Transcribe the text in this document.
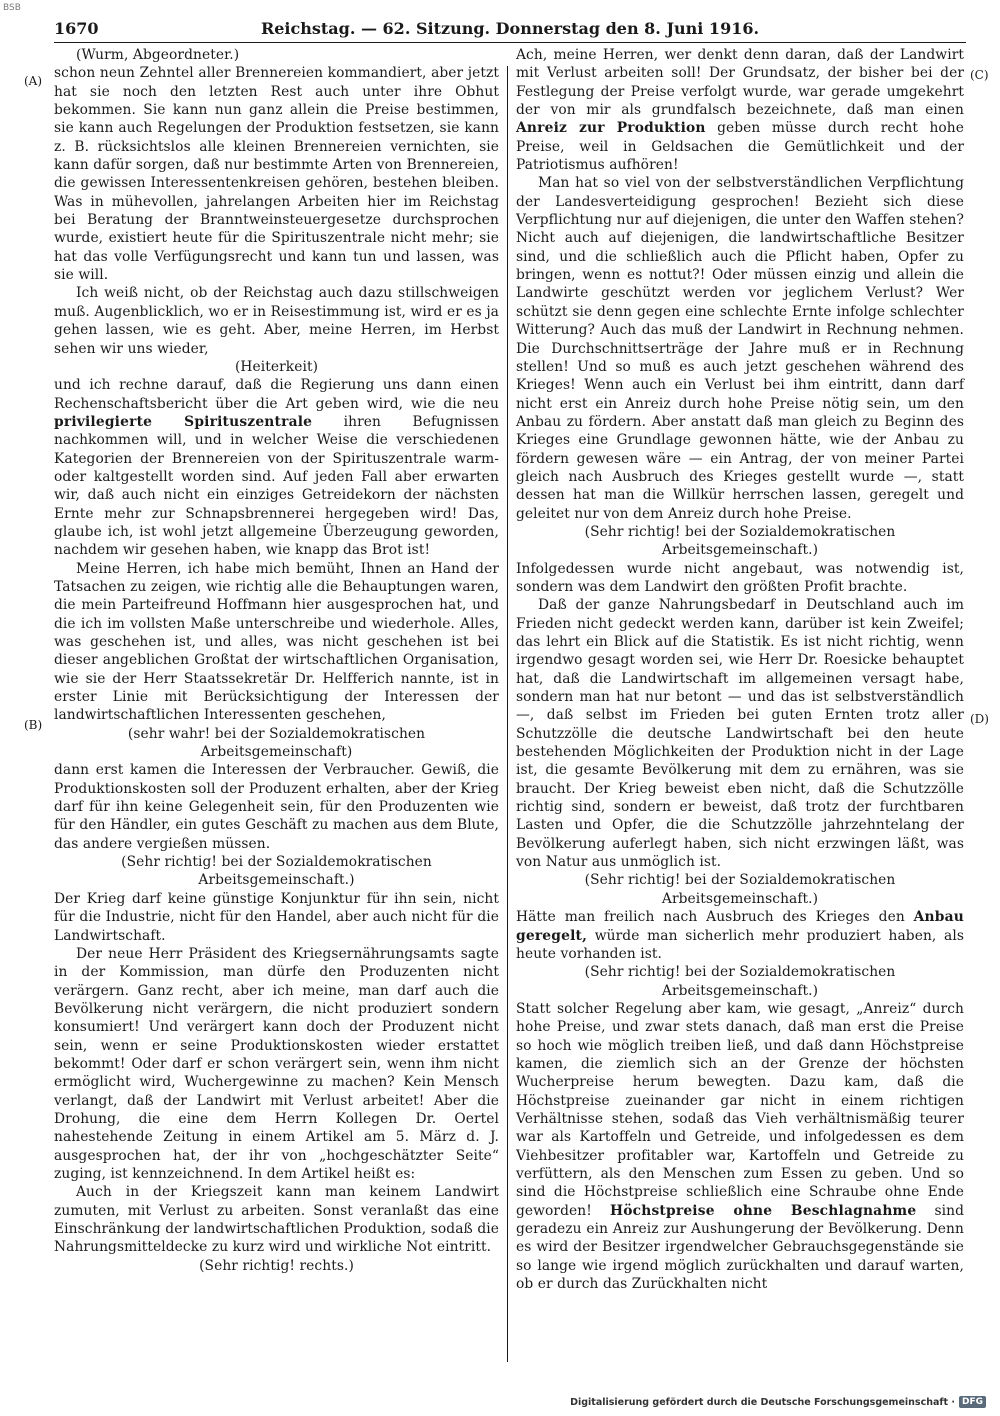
BSB
1670	Reichstag. — 62. Sitzung. Donnerstag den 8. Juni 1916.
(A)
(B)
(C)
(D)

(Wurm, Abgeordneter.)

schon neun Zehntel aller Brennereien kommandiert, aber jetzt hat sie noch den letzten Rest auch unter ihre Obhut bekommen. Sie kann nun ganz allein die Preise bestimmen, sie kann auch Regelungen der Produktion festsetzen, sie kann z. B. rücksichtslos alle kleinen Brennereien vernichten, sie kann dafür sorgen, daß nur bestimmte Arten von Brennereien, die gewissen Interessentenkreisen gehören, bestehen bleiben. Was in mühevollen, jahrelangen Arbeiten hier im Reichstag bei Beratung der Branntweinsteuergesetze durchsprochen wurde, existiert heute für die Spirituszentrale nicht mehr; sie hat das volle Verfügungsrecht und kann tun und lassen, was sie will.

Ich weiß nicht, ob der Reichstag auch dazu stillschweigen muß. Augenblicklich, wo er in Reisestimmung ist, wird er es ja gehen lassen, wie es geht. Aber, meine Herren, im Herbst sehen wir uns wieder,

(Heiterkeit)

und ich rechne darauf, daß die Regierung uns dann einen Rechenschaftsbericht über die Art geben wird, wie die neu privilegierte Spirituszentrale ihren Befugnissen nachkommen will, und in welcher Weise die verschiedenen Kategorien der Brennereien von der Spirituszentrale warm- oder kaltgestellt worden sind. Auf jeden Fall aber erwarten wir, daß auch nicht ein einziges Getreidekorn der nächsten Ernte mehr zur Schnapsbrennerei hergegeben wird! Das, glaube ich, ist wohl jetzt allgemeine Überzeugung geworden, nachdem wir gesehen haben, wie knapp das Brot ist!

Meine Herren, ich habe mich bemüht, Ihnen an Hand der Tatsachen zu zeigen, wie richtig alle die Behauptungen waren, die mein Parteifreund Hoffmann hier ausgesprochen hat, und die ich im vollsten Maße unterschreibe und wiederhole. Alles, was geschehen ist, und alles, was nicht geschehen ist bei dieser angeblichen Großtat der wirtschaftlichen Organisation, wie sie der Herr Staatssekretär Dr. Helfferich nannte, ist in erster Linie mit Berücksichtigung der Interessen der landwirtschaftlichen Interessenten geschehen,

(sehr wahr! bei der Sozialdemokratischen Arbeitsgemeinschaft)

dann erst kamen die Interessen der Verbraucher. Gewiß, die Produktionskosten soll der Produzent erhalten, aber der Krieg darf für ihn keine Gelegenheit sein, für den Produzenten wie für den Händler, ein gutes Geschäft zu machen aus dem Blute, das andere vergießen müssen.

(Sehr richtig! bei der Sozialdemokratischen Arbeitsgemeinschaft.)

Der Krieg darf keine günstige Konjunktur für ihn sein, nicht für die Industrie, nicht für den Handel, aber auch nicht für die Landwirtschaft.

Der neue Herr Präsident des Kriegsernährungsamts sagte in der Kommission, man dürfe den Produzenten nicht verärgern. Ganz recht, aber ich meine, man darf auch die Bevölkerung nicht verärgern, die nicht produziert sondern konsumiert! Und verärgert kann doch der Produzent nicht sein, wenn er seine Produktionskosten wieder erstattet bekommt! Oder darf er schon verärgert sein, wenn ihm nicht ermöglicht wird, Wuchergewinne zu machen? Kein Mensch verlangt, daß der Landwirt mit Verlust arbeitet! Aber die Drohung, die eine dem Herrn Kollegen Dr. Oertel nahestehende Zeitung in einem Artikel am 5. März d. J. ausgesprochen hat, der ihr von „hochgeschätzter Seite“ zuging, ist kennzeichnend. In dem Artikel heißt es:

Auch in der Kriegszeit kann man keinem Landwirt zumuten, mit Verlust zu arbeiten. Sonst veranlaßt das eine Einschränkung der landwirtschaftlichen Produktion, sodaß die Nahrungsmitteldecke zu kurz wird und wirkliche Not eintritt.

(Sehr richtig! rechts.)

Ach, meine Herren, wer denkt denn daran, daß der Landwirt mit Verlust arbeiten soll! Der Grundsatz, der bisher bei der Festlegung der Preise verfolgt wurde, war gerade umgekehrt der von mir als grundfalsch bezeichnete, daß man einen Anreiz zur Produktion geben müsse durch recht hohe Preise, weil in Geldsachen die Gemütlichkeit und der Patriotismus aufhören!

Man hat so viel von der selbstverständlichen Verpflichtung der Landesverteidigung gesprochen! Bezieht sich diese Verpflichtung nur auf diejenigen, die unter den Waffen stehen? Nicht auch auf diejenigen, die landwirtschaftliche Besitzer sind, und die schließlich auch die Pflicht haben, Opfer zu bringen, wenn es nottut?! Oder müssen einzig und allein die Landwirte geschützt werden vor jeglichem Verlust? Wer schützt sie denn gegen eine schlechte Ernte infolge schlechter Witterung? Auch das muß der Landwirt in Rechnung nehmen. Die Durchschnittserträge der Jahre muß er in Rechnung stellen! Und so muß es auch jetzt geschehen während des Krieges! Wenn auch ein Verlust bei ihm eintritt, dann darf nicht erst ein Anreiz durch hohe Preise nötig sein, um den Anbau zu fördern. Aber anstatt daß man gleich zu Beginn des Krieges eine Grundlage gewonnen hätte, wie der Anbau zu fördern gewesen wäre — ein Antrag, der von meiner Partei gleich nach Ausbruch des Krieges gestellt wurde —, statt dessen hat man die Willkür herrschen lassen, geregelt und geleitet nur von dem Anreiz durch hohe Preise.

(Sehr richtig! bei der Sozialdemokratischen Arbeitsgemeinschaft.)

Infolgedessen wurde nicht angebaut, was notwendig ist, sondern was dem Landwirt den größten Profit brachte.

Daß der ganze Nahrungsbedarf in Deutschland auch im Frieden nicht gedeckt werden kann, darüber ist kein Zweifel; das lehrt ein Blick auf die Statistik. Es ist nicht richtig, wenn irgendwo gesagt worden sei, wie Herr Dr. Roesicke behauptet hat, daß die Landwirtschaft im allgemeinen versagt habe, sondern man hat nur betont — und das ist selbstverständlich —, daß selbst im Frieden bei guten Ernten trotz aller Schutzzölle die deutsche Landwirtschaft bei den heute bestehenden Möglichkeiten der Produktion nicht in der Lage ist, die gesamte Bevölkerung mit dem zu ernähren, was sie braucht. Der Krieg beweist eben nicht, daß die Schutzzölle richtig sind, sondern er beweist, daß trotz der furchtbaren Lasten und Opfer, die die Schutzzölle jahrzehntelang der Bevölkerung auferlegt haben, sich nicht erzwingen läßt, was von Natur aus unmöglich ist.

(Sehr richtig! bei der Sozialdemokratischen Arbeitsgemeinschaft.)

Hätte man freilich nach Ausbruch des Krieges den Anbau geregelt, würde man sicherlich mehr produziert haben, als heute vorhanden ist.

(Sehr richtig! bei der Sozialdemokratischen Arbeitsgemeinschaft.)

Statt solcher Regelung aber kam, wie gesagt, „Anreiz“ durch hohe Preise, und zwar stets danach, daß man erst die Preise so hoch wie möglich treiben ließ, und daß dann Höchstpreise kamen, die ziemlich sich an der Grenze der höchsten Wucherpreise herum bewegten. Dazu kam, daß die Höchstpreise zueinander gar nicht in einem richtigen Verhältnisse stehen, sodaß das Vieh verhältnismäßig teurer war als Kartoffeln und Getreide, und infolgedessen es dem Viehbesitzer profitabler war, Kartoffeln und Getreide zu verfüttern, als den Menschen zum Essen zu geben. Und so sind die Höchstpreise schließlich eine Schraube ohne Ende geworden! Höchstpreise ohne Beschlagnahme sind geradezu ein Anreiz zur Aushungerung der Bevölkerung. Denn es wird der Besitzer irgendwelcher Gebrauchsgegenstände sie so lange wie irgend möglich zurückhalten und darauf warten, ob er durch das Zurückhalten nicht

Digitalisierung gefördert durch die Deutsche Forschungsgemeinschaft · DFG
